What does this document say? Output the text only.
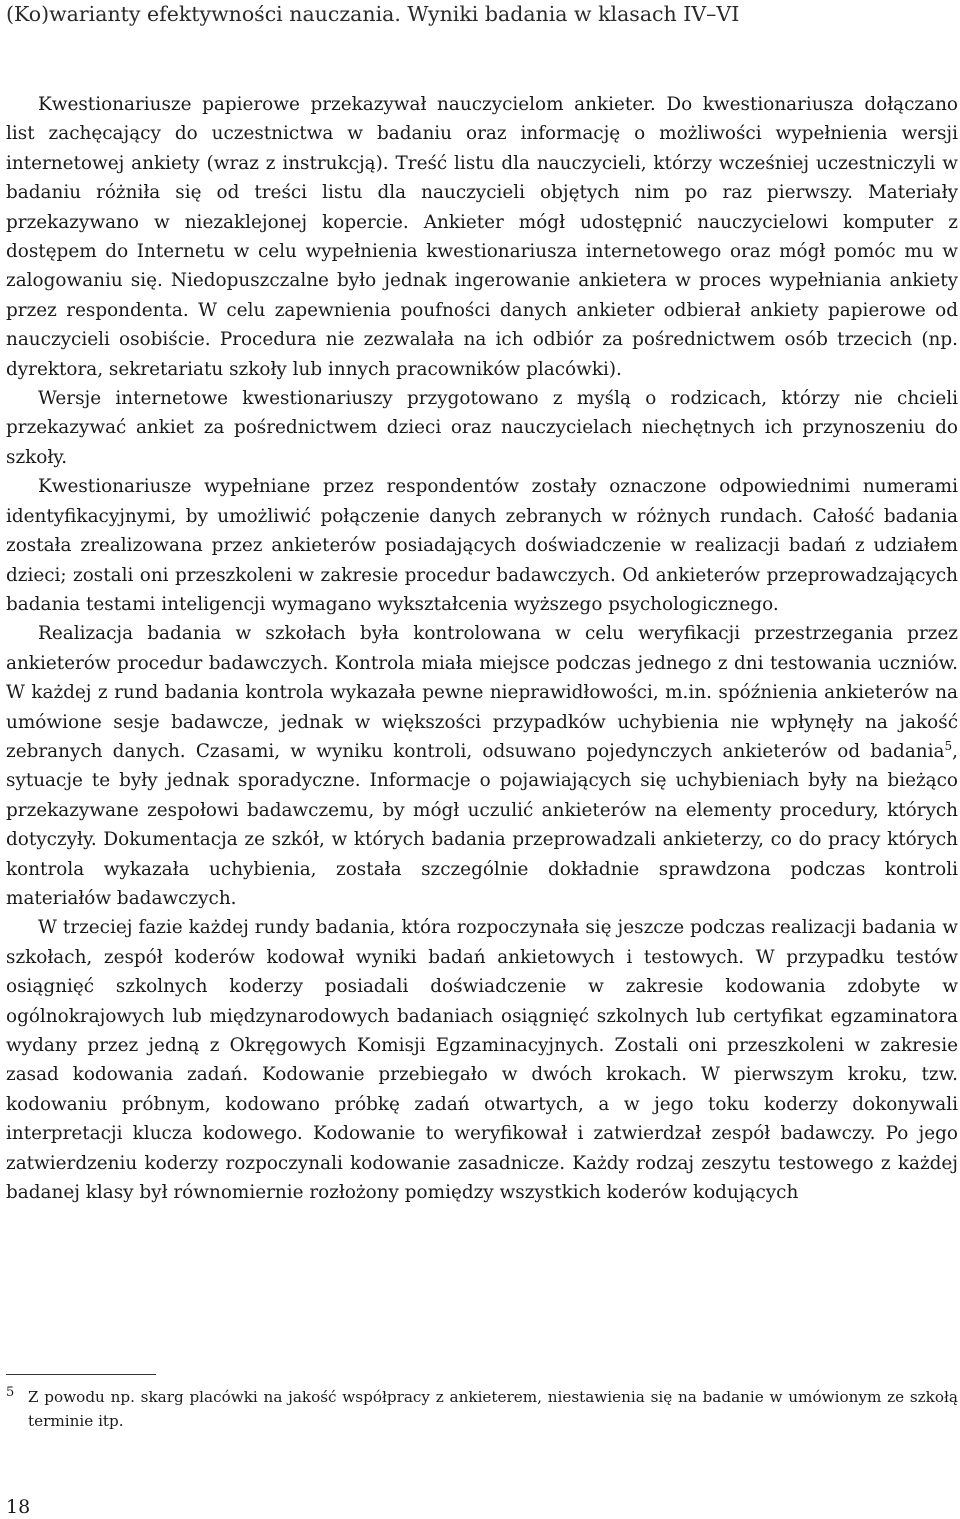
(Ko)warianty efektywności nauczania. Wyniki badania w klasach IV–VI

Kwestionariusze papierowe przekazywał nauczycielom ankieter. Do kwestionariusza dołączano list zachęcający do uczestnictwa w badaniu oraz informację o możliwości wypełnienia wersji internetowej ankiety (wraz z instrukcją). Treść listu dla nauczycieli, którzy wcześniej uczestniczyli w badaniu różniła się od treści listu dla nauczycieli objętych nim po raz pierwszy. Materiały przekazywano w niezaklejonej kopercie. Ankieter mógł udostępnić nauczycielowi komputer z dostępem do Internetu w celu wypełnienia kwestionariusza internetowego oraz mógł pomóc mu w zalogowaniu się. Niedopuszczalne było jednak ingerowanie ankietera w proces wypełniania ankiety przez respondenta. W celu zapewnienia poufności danych ankieter odbierał ankiety papierowe od nauczycieli osobiście. Procedura nie zezwalała na ich odbiór za pośrednictwem osób trzecich (np. dyrektora, sekretariatu szkoły lub innych pracowników placówki).

Wersje internetowe kwestionariuszy przygotowano z myślą o rodzicach, którzy nie chcieli przekazywać ankiet za pośrednictwem dzieci oraz nauczycielach niechętnych ich przynoszeniu do szkoły.

Kwestionariusze wypełniane przez respondentów zostały oznaczone odpowiednimi numerami identyfikacyjnymi, by umożliwić połączenie danych zebranych w różnych rundach. Całość badania została zrealizowana przez ankieterów posiadających doświadczenie w realizacji badań z udziałem dzieci; zostali oni przeszkoleni w zakresie procedur badawczych. Od ankieterów przeprowadzających badania testami inteligencji wymagano wykształcenia wyższego psychologicznego.

Realizacja badania w szkołach była kontrolowana w celu weryfikacji przestrzegania przez ankieterów procedur badawczych. Kontrola miała miejsce podczas jednego z dni testowania uczniów. W każdej z rund badania kontrola wykazała pewne nieprawidłowości, m.in. spóźnienia ankieterów na umówione sesje badawcze, jednak w większości przypadków uchybienia nie wpłynęły na jakość zebranych danych. Czasami, w wyniku kontroli, odsuwano pojedynczych ankieterów od badania$^5$, sytuacje te były jednak sporadyczne. Informacje o pojawiających się uchybieniach były na bieżąco przekazywane zespołowi badawczemu, by mógł uczulić ankieterów na elementy procedury, których dotyczyły. Dokumentacja ze szkół, w których badania przeprowadzali ankieterzy, co do pracy których kontrola wykazała uchybienia, została szczególnie dokładnie sprawdzona podczas kontroli materiałów badawczych.

W trzeciej fazie każdej rundy badania, która rozpoczynała się jeszcze podczas realizacji badania w szkołach, zespół koderów kodował wyniki badań ankietowych i testowych. W przypadku testów osiągnięć szkolnych koderzy posiadali doświadczenie w zakresie kodowania zdobyte w ogólnokrajowych lub międzynarodowych badaniach osiągnięć szkolnych lub certyfikat egzaminatora wydany przez jedną z Okręgowych Komisji Egzaminacyjnych. Zostali oni przeszkoleni w zakresie zasad kodowania zadań. Kodowanie przebiegało w dwóch krokach. W pierwszym kroku, tzw. kodowaniu próbnym, kodowano próbkę zadań otwartych, a w jego toku koderzy dokonywali interpretacji klucza kodowego. Kodowanie to weryfikował i zatwierdzał zespół badawczy. Po jego zatwierdzeniu koderzy rozpoczynali kodowanie zasadnicze. Każdy rodzaj zeszytu testowego z każdej badanej klasy był równomiernie rozłożony pomiędzy wszystkich koderów kodujących

5 Z powodu np. skarg placówki na jakość współpracy z ankieterem, niestawienia się na badanie w umówionym ze szkołą terminie itp.
18
